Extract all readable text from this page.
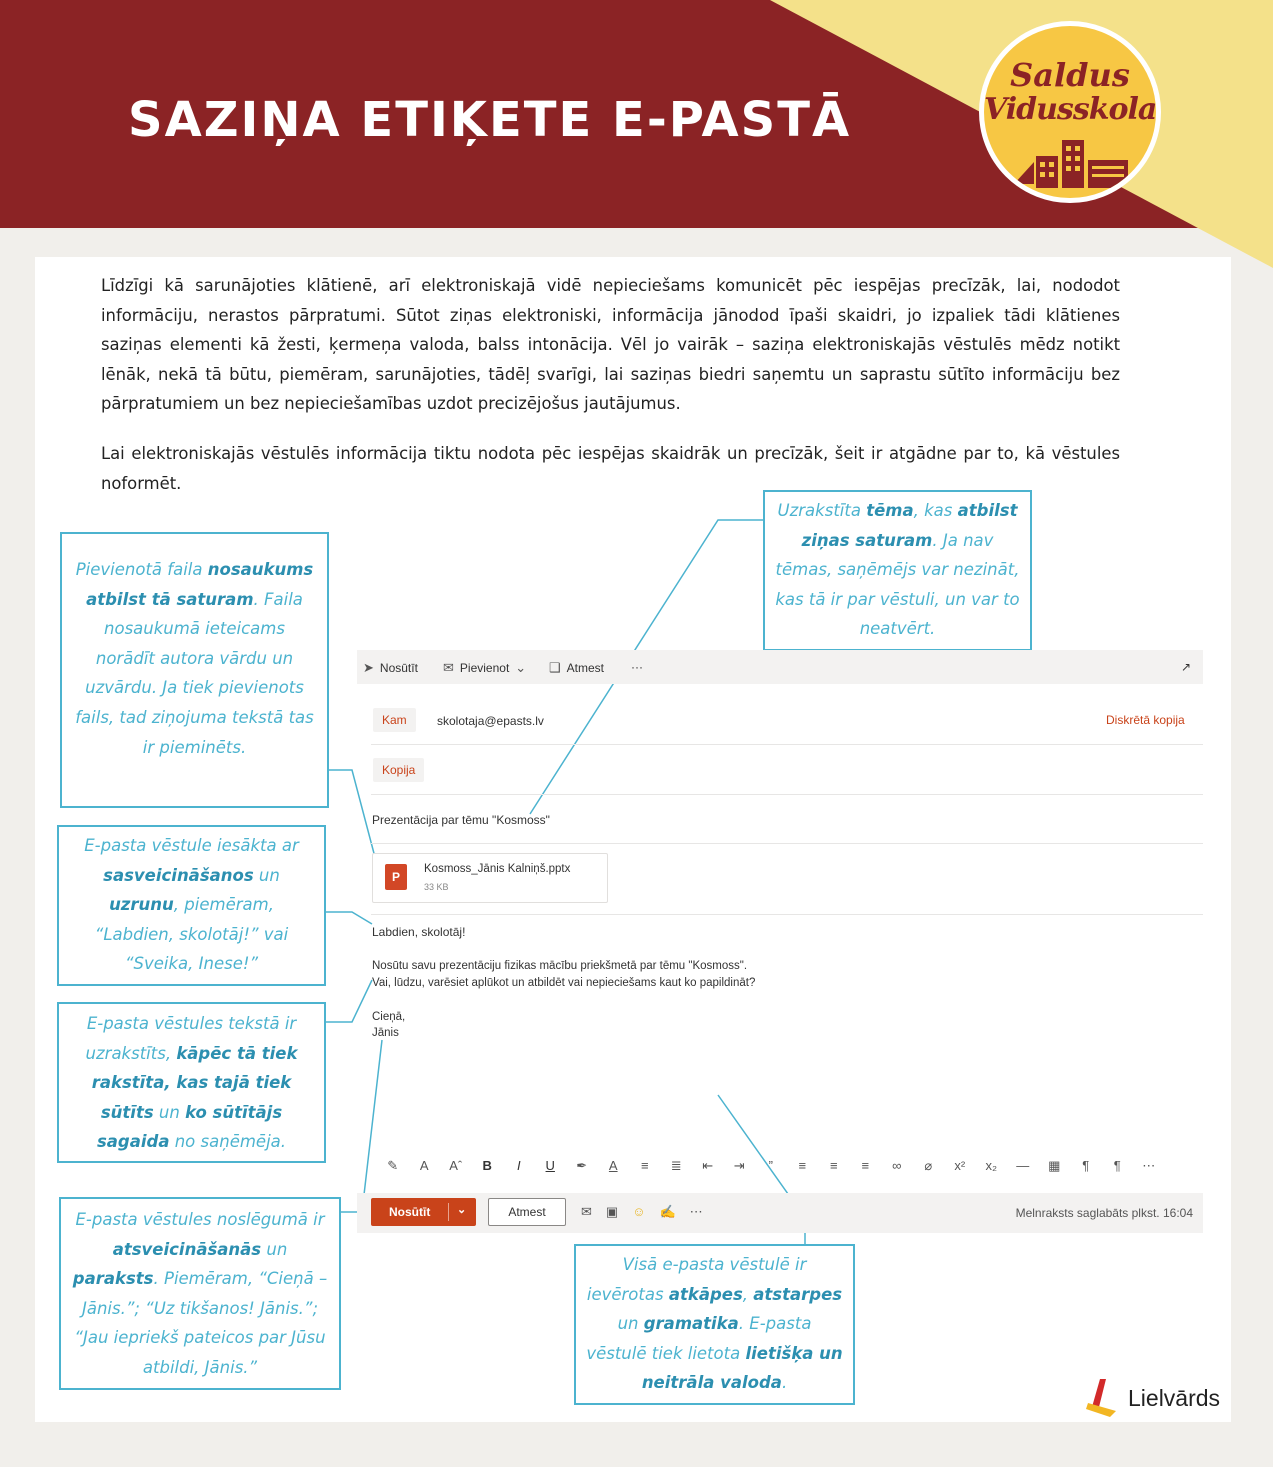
SAZIŅA ETIĶETE E-PASTĀ
Saldus
Vidusskola

Līdzīgi kā sarunājoties klātienē, arī elektroniskajā vidē nepieciešams komunicēt pēc iespējas precīzāk, lai, nododot informāciju, nerastos pārpratumi. Sūtot ziņas elektroniski, informācija jānodod īpaši skaidri, jo izpaliek tādi klātienes saziņas elementi kā žesti, ķermeņa valoda, balss intonācija. Vēl jo vairāk – saziņa elektroniskajās vēstulēs mēdz notikt lēnāk, nekā tā būtu, piemēram, sarunājoties, tādēļ svarīgi, lai saziņas biedri saņemtu un saprastu sūtīto informāciju bez pārpratumiem un bez nepieciešamības uzdot precizējošus jautājumus.

Lai elektroniskajās vēstulēs informācija tiktu nodota pēc iespējas skaidrāk un precīzāk, šeit ir atgādne par to, kā vēstules noformēt.

Pievienotā faila nosaukums atbilst tā saturam. Faila nosaukumā ieteicams norādīt autora vārdu un uzvārdu. Ja tiek pievienots fails, tad ziņojuma tekstā tas ir pieminēts.
E-pasta vēstule iesākta ar sasveicināšanos un uzrunu, piemēram, “Labdien, skolotāj!” vai “Sveika, Inese!”
E-pasta vēstules tekstā ir uzrakstīts, kāpēc tā tiek rakstīta, kas tajā tiek sūtīts un ko sūtītājs sagaida no saņēmēja.
E-pasta vēstules noslēgumā ir atsveicināšanās un paraksts. Piemēram, “Cieņā – Jānis.”; “Uz tikšanos! Jānis.”; “Jau iepriekš pateicos par Jūsu atbildi, Jānis.”
Uzrakstīta tēma, kas atbilst ziņas saturam. Ja nav tēmas, saņēmējs var nezināt, kas tā ir par vēstuli, un var to neatvērt.
Visā e-pasta vēstulē ir ievērotas atkāpes, atstarpes un gramatika. E-pasta vēstulē tiek lietota lietišķa un neitrāla valoda.
➤ Nosūtīt ✉ Pievienot ⌄ ❑ Atmest ···	↗
Kam	skolotaja@epasts.lv	Diskrētā kopija
Kopija
Prezentācija par tēmu "Kosmoss"
P
Kosmoss_Jānis Kalniņš.pptx
33 KB
Labdien, skolotāj!
Nosūtu savu prezentāciju fizikas mācību priekšmetā par tēmu "Kosmoss".
Vai, lūdzu, varēsiet aplūkot un atbildēt vai nepieciešams kaut ko papildināt?
Cieņā,
Jānis
✎	A	Aˆ	B	I	U	✒	A	≡	≣	⇤	⇥	”	≡	≡	≡	∞	⌀	x²	x₂	—	▦	¶	¶	⋯
Nosūtīt ⌄	Atmest	✉ ▣ ☺ ✍ ⋯	Melnraksts saglabāts plkst. 16:04
Lielvārds
